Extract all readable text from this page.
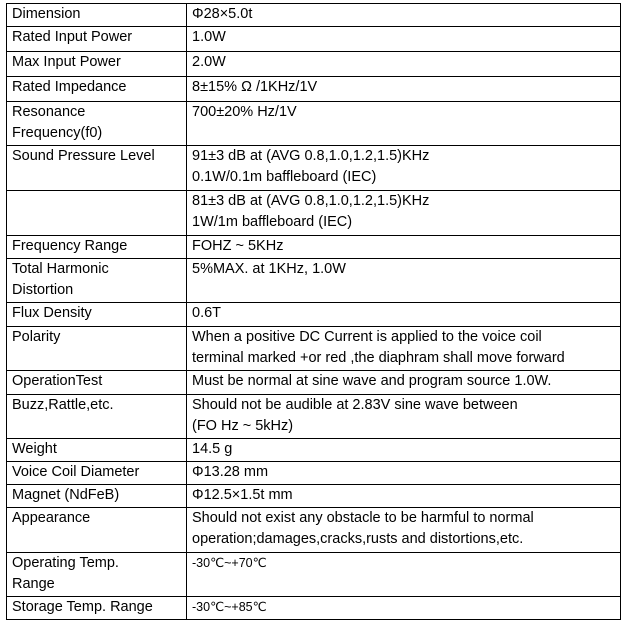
Dimension	Φ28×5.0t
Rated Input Power	1.0W
Max Input Power	2.0W
Rated Impedance	8±15% Ω /1KHz/1V
Resonance
Frequency(f0)	700±20% Hz/1V
Sound Pressure Level	91±3 dB at (AVG 0.8,1.0,1.2,1.5)KHz
0.1W/0.1m baffleboard (IEC)
	81±3 dB at (AVG 0.8,1.0,1.2,1.5)KHz
1W/1m baffleboard (IEC)
Frequency Range	FOHZ ~ 5KHz
Total Harmonic
Distortion	5%MAX. at 1KHz, 1.0W
Flux Density	0.6T
Polarity	When a positive DC Current is applied to the voice coil
terminal marked +or red ,the diaphram shall move forward
OperationTest	Must be normal at sine wave and program source 1.0W.
Buzz,Rattle,etc.	Should not be audible at 2.83V sine wave between
(FO Hz ~ 5kHz)
Weight	14.5 g
Voice Coil Diameter	Φ13.28 mm
Magnet (NdFeB)	Φ12.5×1.5t mm
Appearance	Should not exist any obstacle to be harmful to normal
operation;damages,cracks,rusts and distortions,etc.
Operating Temp.
Range	-30℃~+70℃
Storage Temp. Range	-30℃~+85℃
